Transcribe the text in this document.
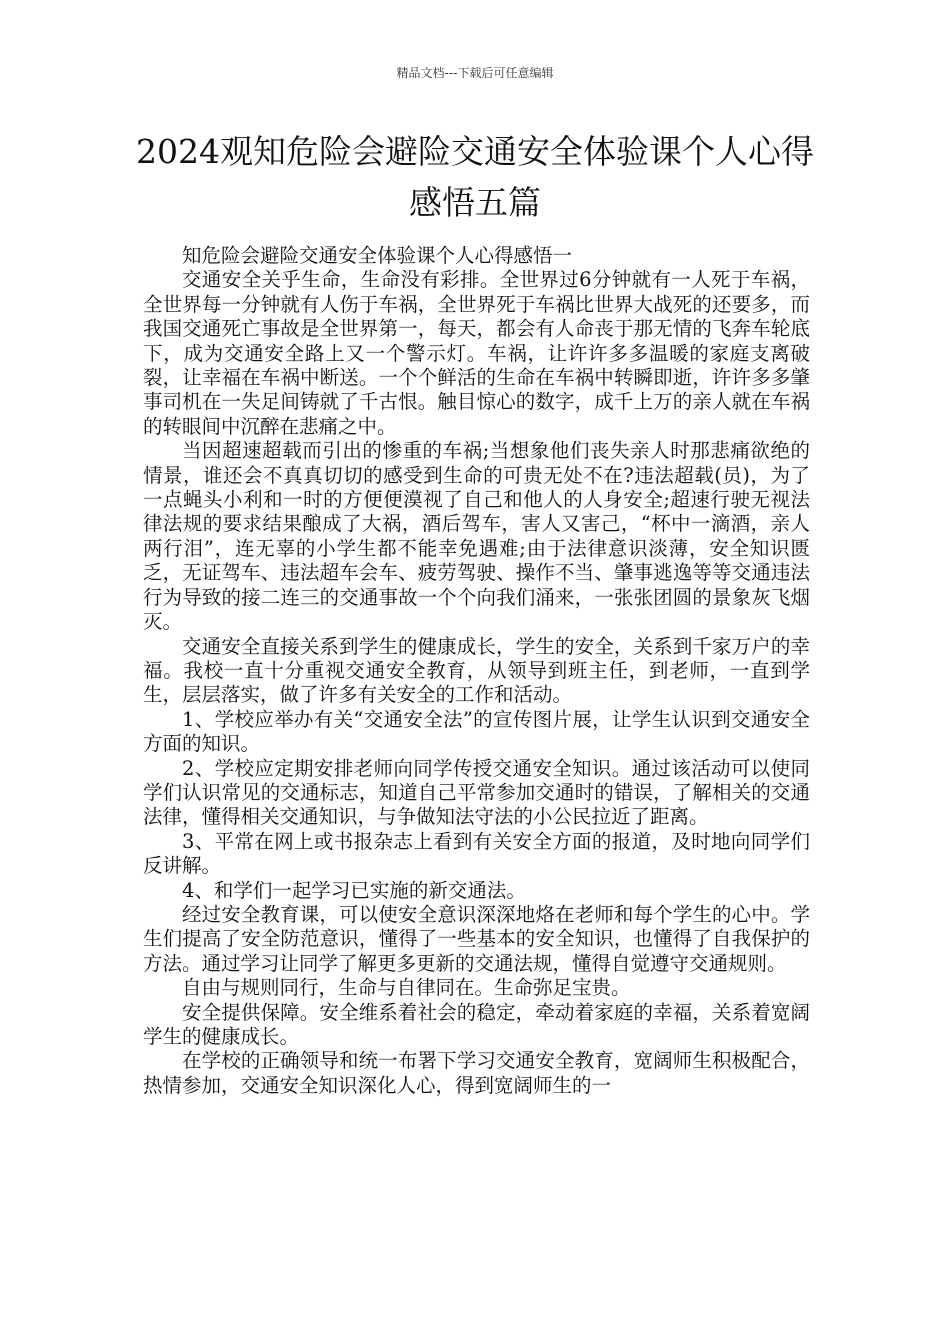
精品文档---下载后可任意编辑
2024观知危险会避险交通安全体验课个人心得感悟五篇

知危险会避险交通安全体验课个人心得感悟一

交通安全关乎生命，生命没有彩排。全世界过6分钟就有一人死于车祸，全世界每一分钟就有人伤于车祸，全世界死于车祸比世界大战死的还要多，而我国交通死亡事故是全世界第一，每天，都会有人命丧于那无情的飞奔车轮底下，成为交通安全路上又一个警示灯。车祸，让许许多多温暖的家庭支离破裂，让幸福在车祸中断送。一个个鲜活的生命在车祸中转瞬即逝，许许多多肇事司机在一失足间铸就了千古恨。触目惊心的数字，成千上万的亲人就在车祸的转眼间中沉醉在悲痛之中。

当因超速超载而引出的惨重的车祸;当想象他们丧失亲人时那悲痛欲绝的情景，谁还会不真真切切的感受到生命的可贵无处不在?违法超载(员)，为了一点蝇头小利和一时的方便便漠视了自己和他人的人身安全;超速行驶无视法律法规的要求结果酿成了大祸，酒后驾车，害人又害己，“杯中一滴酒，亲人两行泪”，连无辜的小学生都不能幸免遇难;由于法律意识淡薄，安全知识匮乏，无证驾车、违法超车会车、疲劳驾驶、操作不当、肇事逃逸等等交通违法行为导致的接二连三的交通事故一个个向我们涌来，一张张团圆的景象灰飞烟灭。

交通安全直接关系到学生的健康成长，学生的安全，关系到千家万户的幸福。我校一直十分重视交通安全教育，从领导到班主任，到老师，一直到学生，层层落实，做了许多有关安全的工作和活动。

1、学校应举办有关“交通安全法”的宣传图片展，让学生认识到交通安全方面的知识。

2、学校应定期安排老师向同学传授交通安全知识。通过该活动可以使同学们认识常见的交通标志，知道自己平常参加交通时的错误，了解相关的交通法律，懂得相关交通知识，与争做知法守法的小公民拉近了距离。

3、平常在网上或书报杂志上看到有关安全方面的报道，及时地向同学们反讲解。

4、和学们一起学习已实施的新交通法。

经过安全教育课，可以使安全意识深深地烙在老师和每个学生的心中。学生们提高了安全防范意识，懂得了一些基本的安全知识，也懂得了自我保护的方法。通过学习让同学了解更多更新的交通法规，懂得自觉遵守交通规则。

自由与规则同行，生命与自律同在。生命弥足宝贵。

安全提供保障。安全维系着社会的稳定，牵动着家庭的幸福，关系着宽阔学生的健康成长。

在学校的正确领导和统一布署下学习交通安全教育，宽阔师生积极配合，热情参加，交通安全知识深化人心，得到宽阔师生的一
